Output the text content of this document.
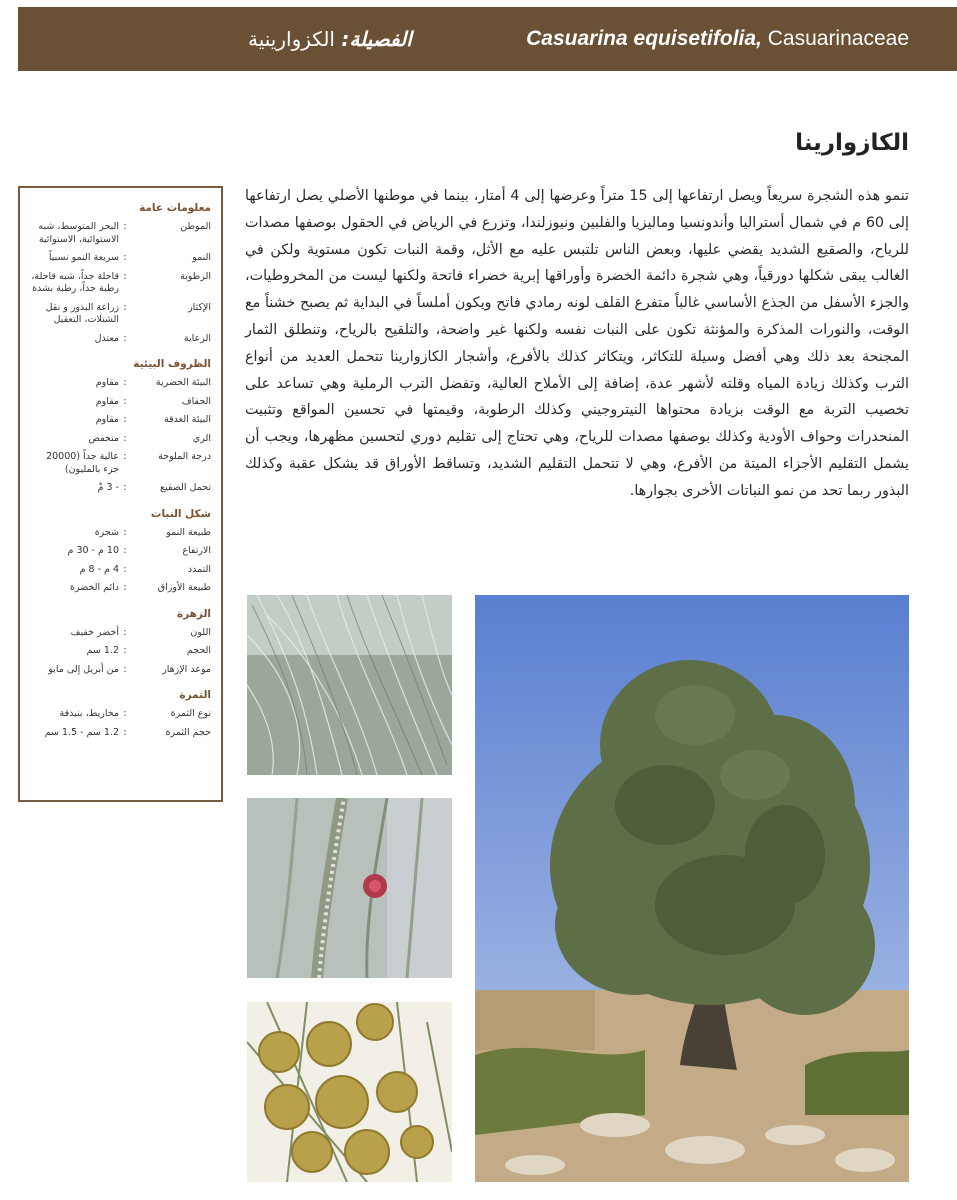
الفصيلة: الكزوارينية	Casuarina equisetifolia, Casuarinaceae
الكازوارينا
تنمو هذه الشجرة سريعاً ويصل ارتفاعها إلى 15 متراً وعرضها إلى 4 أمتار، بينما في موطنها الأصلي يصل ارتفاعها إلى 60 م في شمال أستراليا وأندونسيا وماليزيا والفلبين ونيوزلندا، وتزرع في الرياض في الحقول بوصفها مصدات للرياح، والصقيع الشديد يقضي عليها، وبعض الناس تلتبس عليه مع الأثل، وقمة النبات تكون مستوية ولكن في الغالب يبقى شكلها دورقياً، وهي شجرة دائمة الخضرة وأوراقها إبرية خضراء فاتحة ولكنها ليست من المخروطيات، والجزء الأسفل من الجذع الأساسي غالباً متفرع القلف لونه رمادي فاتح ويكون أملساً في البداية ثم يصبح خشناً مع الوقت، والنورات المذكرة والمؤنثة تكون على النبات نفسه ولكنها غير واضحة، والتلقيح بالرياح، وتنطلق الثمار المجنحة بعد ذلك وهي أفضل وسيلة للتكاثر، ويتكاثر كذلك بالأفرع، وأشجار الكازوارينا تتحمل العديد من أنواع الترب وكذلك زيادة المياه وقلته لأشهر عدة، إضافة إلى الأملاح العالية، وتفضل الترب الرملية وهي تساعد على تخصيب التربة مع الوقت بزيادة محتواها النيتروجيني وكذلك الرطوبة، وقيمتها في تحسين المواقع وتثبيت المنحدرات وحواف الأودية وكذلك بوصفها مصدات للرياح، وهي تحتاج إلى تقليم دوري لتحسين مظهرها، ويجب أن يشمل التقليم الأجزاء الميتة من الأفرع، وهي لا تتحمل التقليم الشديد، وتساقط الأوراق قد يشكل عقبة وكذلك البذور ربما تحد من نمو النباتات الأخرى بجوارها.
معلومات عامة
الموطن
:
البحر المتوسط، شبه الاستوائية، الاستوائية
النمو
:
سريعة النمو نسبياً
الرطوبة
:
قاحلة جداً، شبه قاحلة، رطبة جداً، رطبة بشدة
الإكثار
:
زراعة البذور و نقل الشتلات، التعقيل
الرعاية
:
معتدل
الظروف البيئية
البيئة الحضرية
:
مقاوم
الجفاف
:
مقاوم
البيئة الغدقة
:
مقاوم
الري
:
منخفض
درجة الملوحة
:
عالية جداً (20000 جزء بالمليون)
تحمل الصقيع
:
- 3 مْ
شكل النبات
طبيعة النمو
:
شجرة
الارتفاع
:
10 م - 30 م
التمدد
:
4 م - 8 م
طبيعة الأوراق
:
دائم الخضرة
الزهرة
اللون
:
أخضر خفيف
الحجم
:
1.2 سم
موعد الإزهار
:
من أبريل إلى مايو
الثمرة
نوع الثمرة
:
مخاريط، بنيدقة
حجم الثمرة
:
1.2 سم - 1.5 سم
